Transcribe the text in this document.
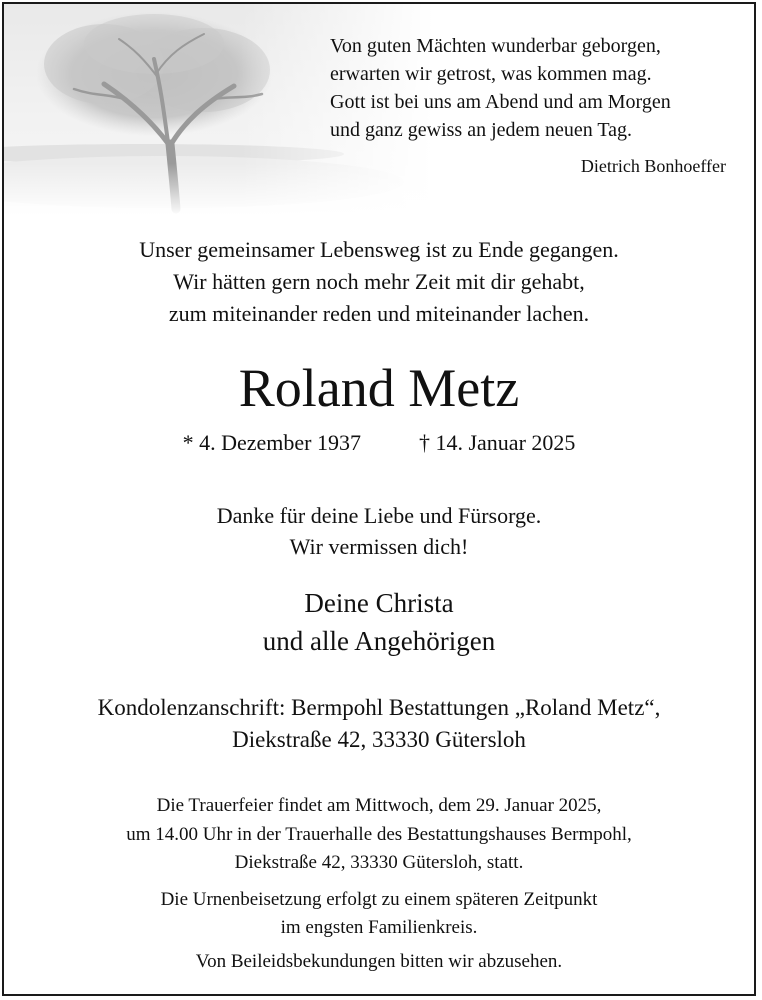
Von guten Mächten wunderbar geborgen,
erwarten wir getrost, was kommen mag.
Gott ist bei uns am Abend und am Morgen
und ganz gewiss an jedem neuen Tag.
Dietrich Bonhoeffer
Unser gemeinsamer Lebensweg ist zu Ende gegangen.
Wir hätten gern noch mehr Zeit mit dir gehabt,
zum miteinander reden und miteinander lachen.
Roland Metz
* 4. Dezember 1937	† 14. Januar 2025
Danke für deine Liebe und Fürsorge.
Wir vermissen dich!
Deine Christa
und alle Angehörigen
Kondolenzanschrift: Bermpohl Bestattungen „Roland Metz“,
Diekstraße 42, 33330 Gütersloh
Die Trauerfeier findet am Mittwoch, dem 29. Januar 2025,
um 14.00 Uhr in der Trauerhalle des Bestattungshauses Bermpohl,
Diekstraße 42, 33330 Gütersloh, statt.
Die Urnenbeisetzung erfolgt zu einem späteren Zeitpunkt
im engsten Familienkreis.
Von Beileidsbekundungen bitten wir abzusehen.
